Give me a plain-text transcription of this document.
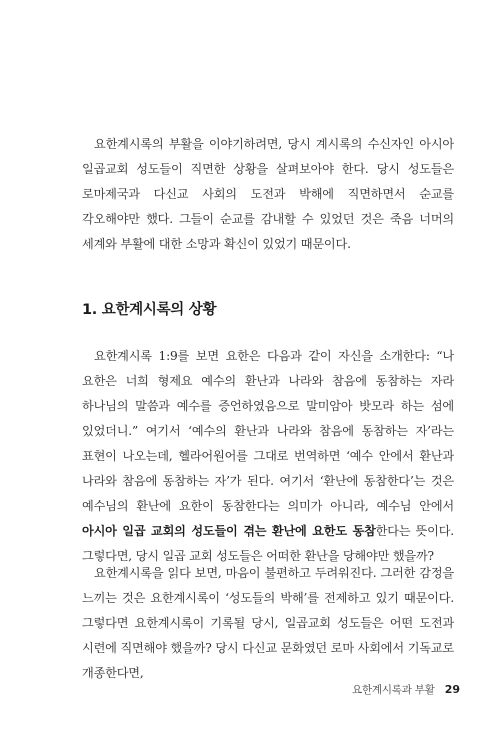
요한계시록의 부활을 이야기하려면, 당시 계시록의 수신자인 아시아 일곱교회 성도들이 직면한 상황을 살펴보아야 한다. 당시 성도들은 로마제국과 다신교 사회의 도전과 박해에 직면하면서 순교를 각오해야만 했다. 그들이 순교를 감내할 수 있었던 것은 죽음 너머의 세계와 부활에 대한 소망과 확신이 있었기 때문이다.

1. 요한계시록의 상황

요한계시록 1:9를 보면 요한은 다음과 같이 자신을 소개한다: “나 요한은 너희 형제요 예수의 환난과 나라와 참음에 동참하는 자라 하나님의 말씀과 예수를 증언하였음으로 말미암아 밧모라 하는 섬에 있었더니.” 여기서 ‘예수의 환난과 나라와 참음에 동참하는 자’라는 표현이 나오는데, 헬라어원어를 그대로 번역하면 ‘예수 안에서 환난과 나라와 참음에 동참하는 자’가 된다. 여기서 ‘환난에 동참한다’는 것은 예수님의 환난에 요한이 동참한다는 의미가 아니라, 예수님 안에서 아시아 일곱 교회의 성도들이 겪는 환난에 요한도 동참한다는 뜻이다. 그렇다면, 당시 일곱 교회 성도들은 어떠한 환난을 당해야만 했을까?

요한계시록을 읽다 보면, 마음이 불편하고 두려워진다. 그러한 감정을 느끼는 것은 요한계시록이 ‘성도들의 박해’를 전제하고 있기 때문이다. 그렇다면 요한계시록이 기록될 당시, 일곱교회 성도들은 어떤 도전과 시련에 직면해야 했을까? 당시 다신교 문화였던 로마 사회에서 기독교로 개종한다면,

요한계시록과 부활 29
